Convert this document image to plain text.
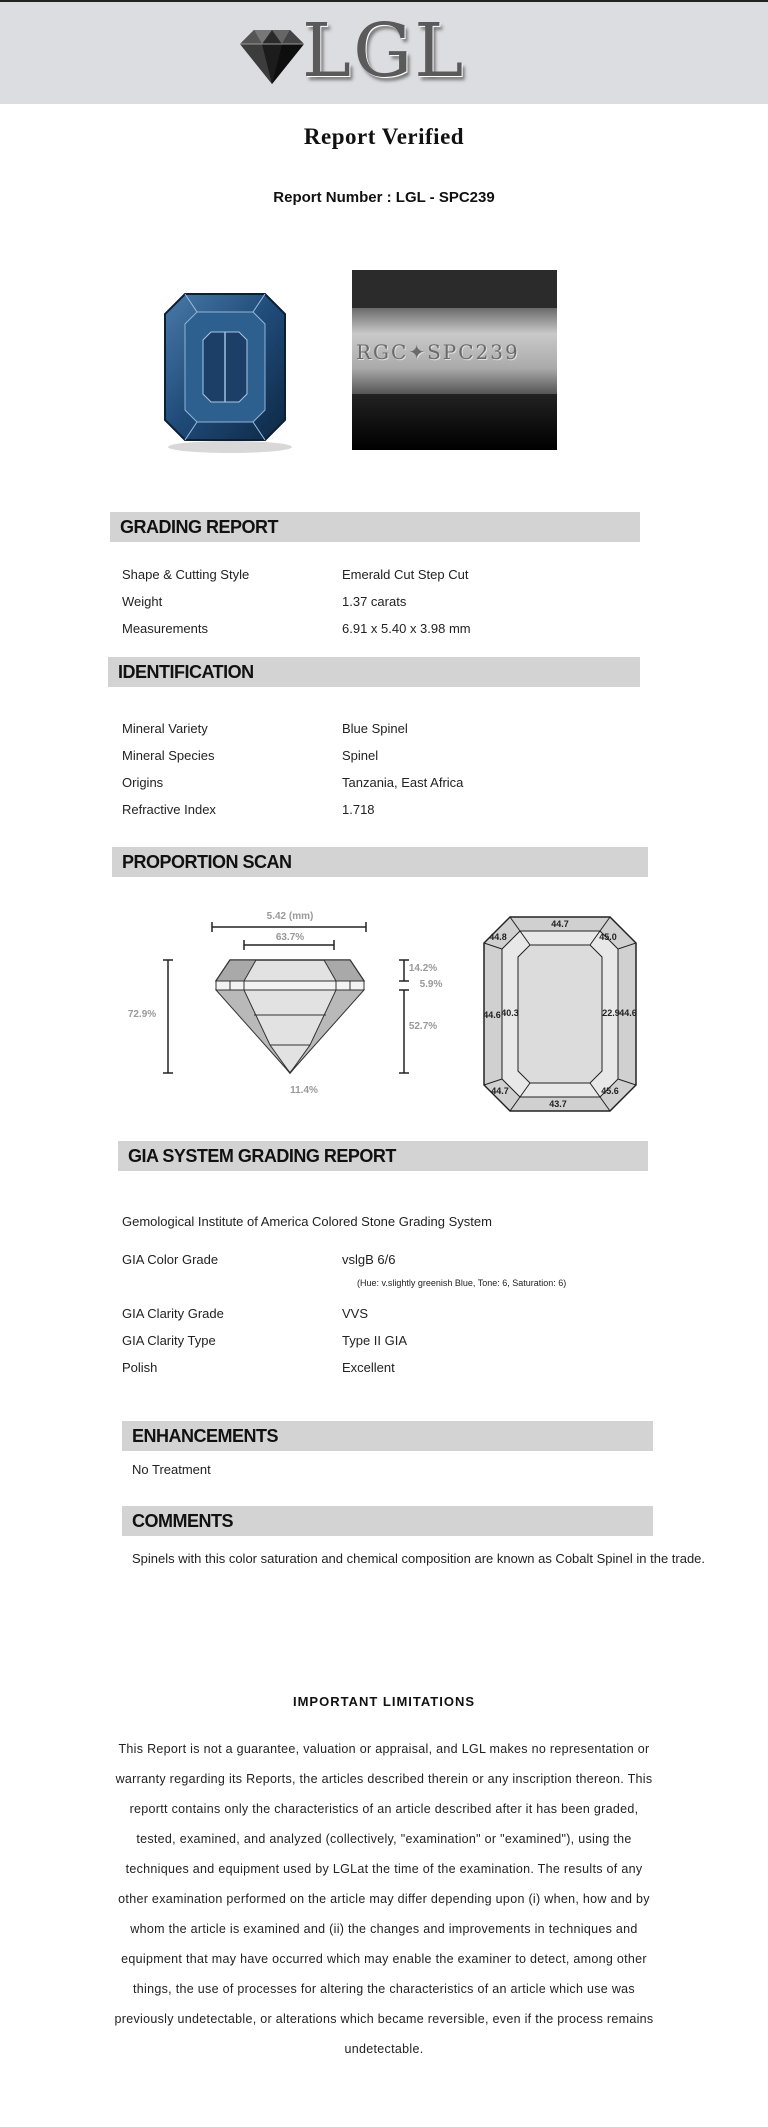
LGL
Report Verified
Report Number : LGL - SPC239
RGC✦SPC239
GRADING REPORT
Shape & Cutting Style	Emerald Cut Step Cut
Weight	1.37 carats
Measurements	6.91 x 5.40 x 3.98 mm
IDENTIFICATION
Mineral Variety	Blue Spinel
Mineral Species	Spinel
Origins	Tanzania, East Africa
Refractive Index	1.718
PROPORTION SCAN
5.42 (mm)
63.7%
72.9%
14.2%
5.9%
52.7%
11.4%
44.7
44.8	45.0
44.6 40.3	22.9 44.6
44.7
43.7
45.6
GIA SYSTEM GRADING REPORT
Gemological Institute of America Colored Stone Grading System
GIA Color Grade	vslgB 6/6
(Hue: v.slightly greenish Blue, Tone: 6, Saturation: 6)
GIA Clarity Grade	VVS
GIA Clarity Type	Type II GIA
Polish	Excellent
ENHANCEMENTS
No Treatment
COMMENTS
Spinels with this color saturation and chemical composition are known as Cobalt Spinel in the trade.
IMPORTANT LIMITATIONS
This Report is not a guarantee, valuation or appraisal, and LGL makes no representation or warranty regarding its Reports, the articles described therein or any inscription thereon. This reportt contains only the characteristics of an article described after it has been graded, tested, examined, and analyzed (collectively, "examination" or "examined"), using the techniques and equipment used by LGLat the time of the examination. The results of any other examination performed on the article may differ depending upon (i) when, how and by whom the article is examined and (ii) the changes and improvements in techniques and equipment that may have occurred which may enable the examiner to detect, among other things, the use of processes for altering the characteristics of an article which use was previously undetectable, or alterations which became reversible, even if the process remains undetectable.
